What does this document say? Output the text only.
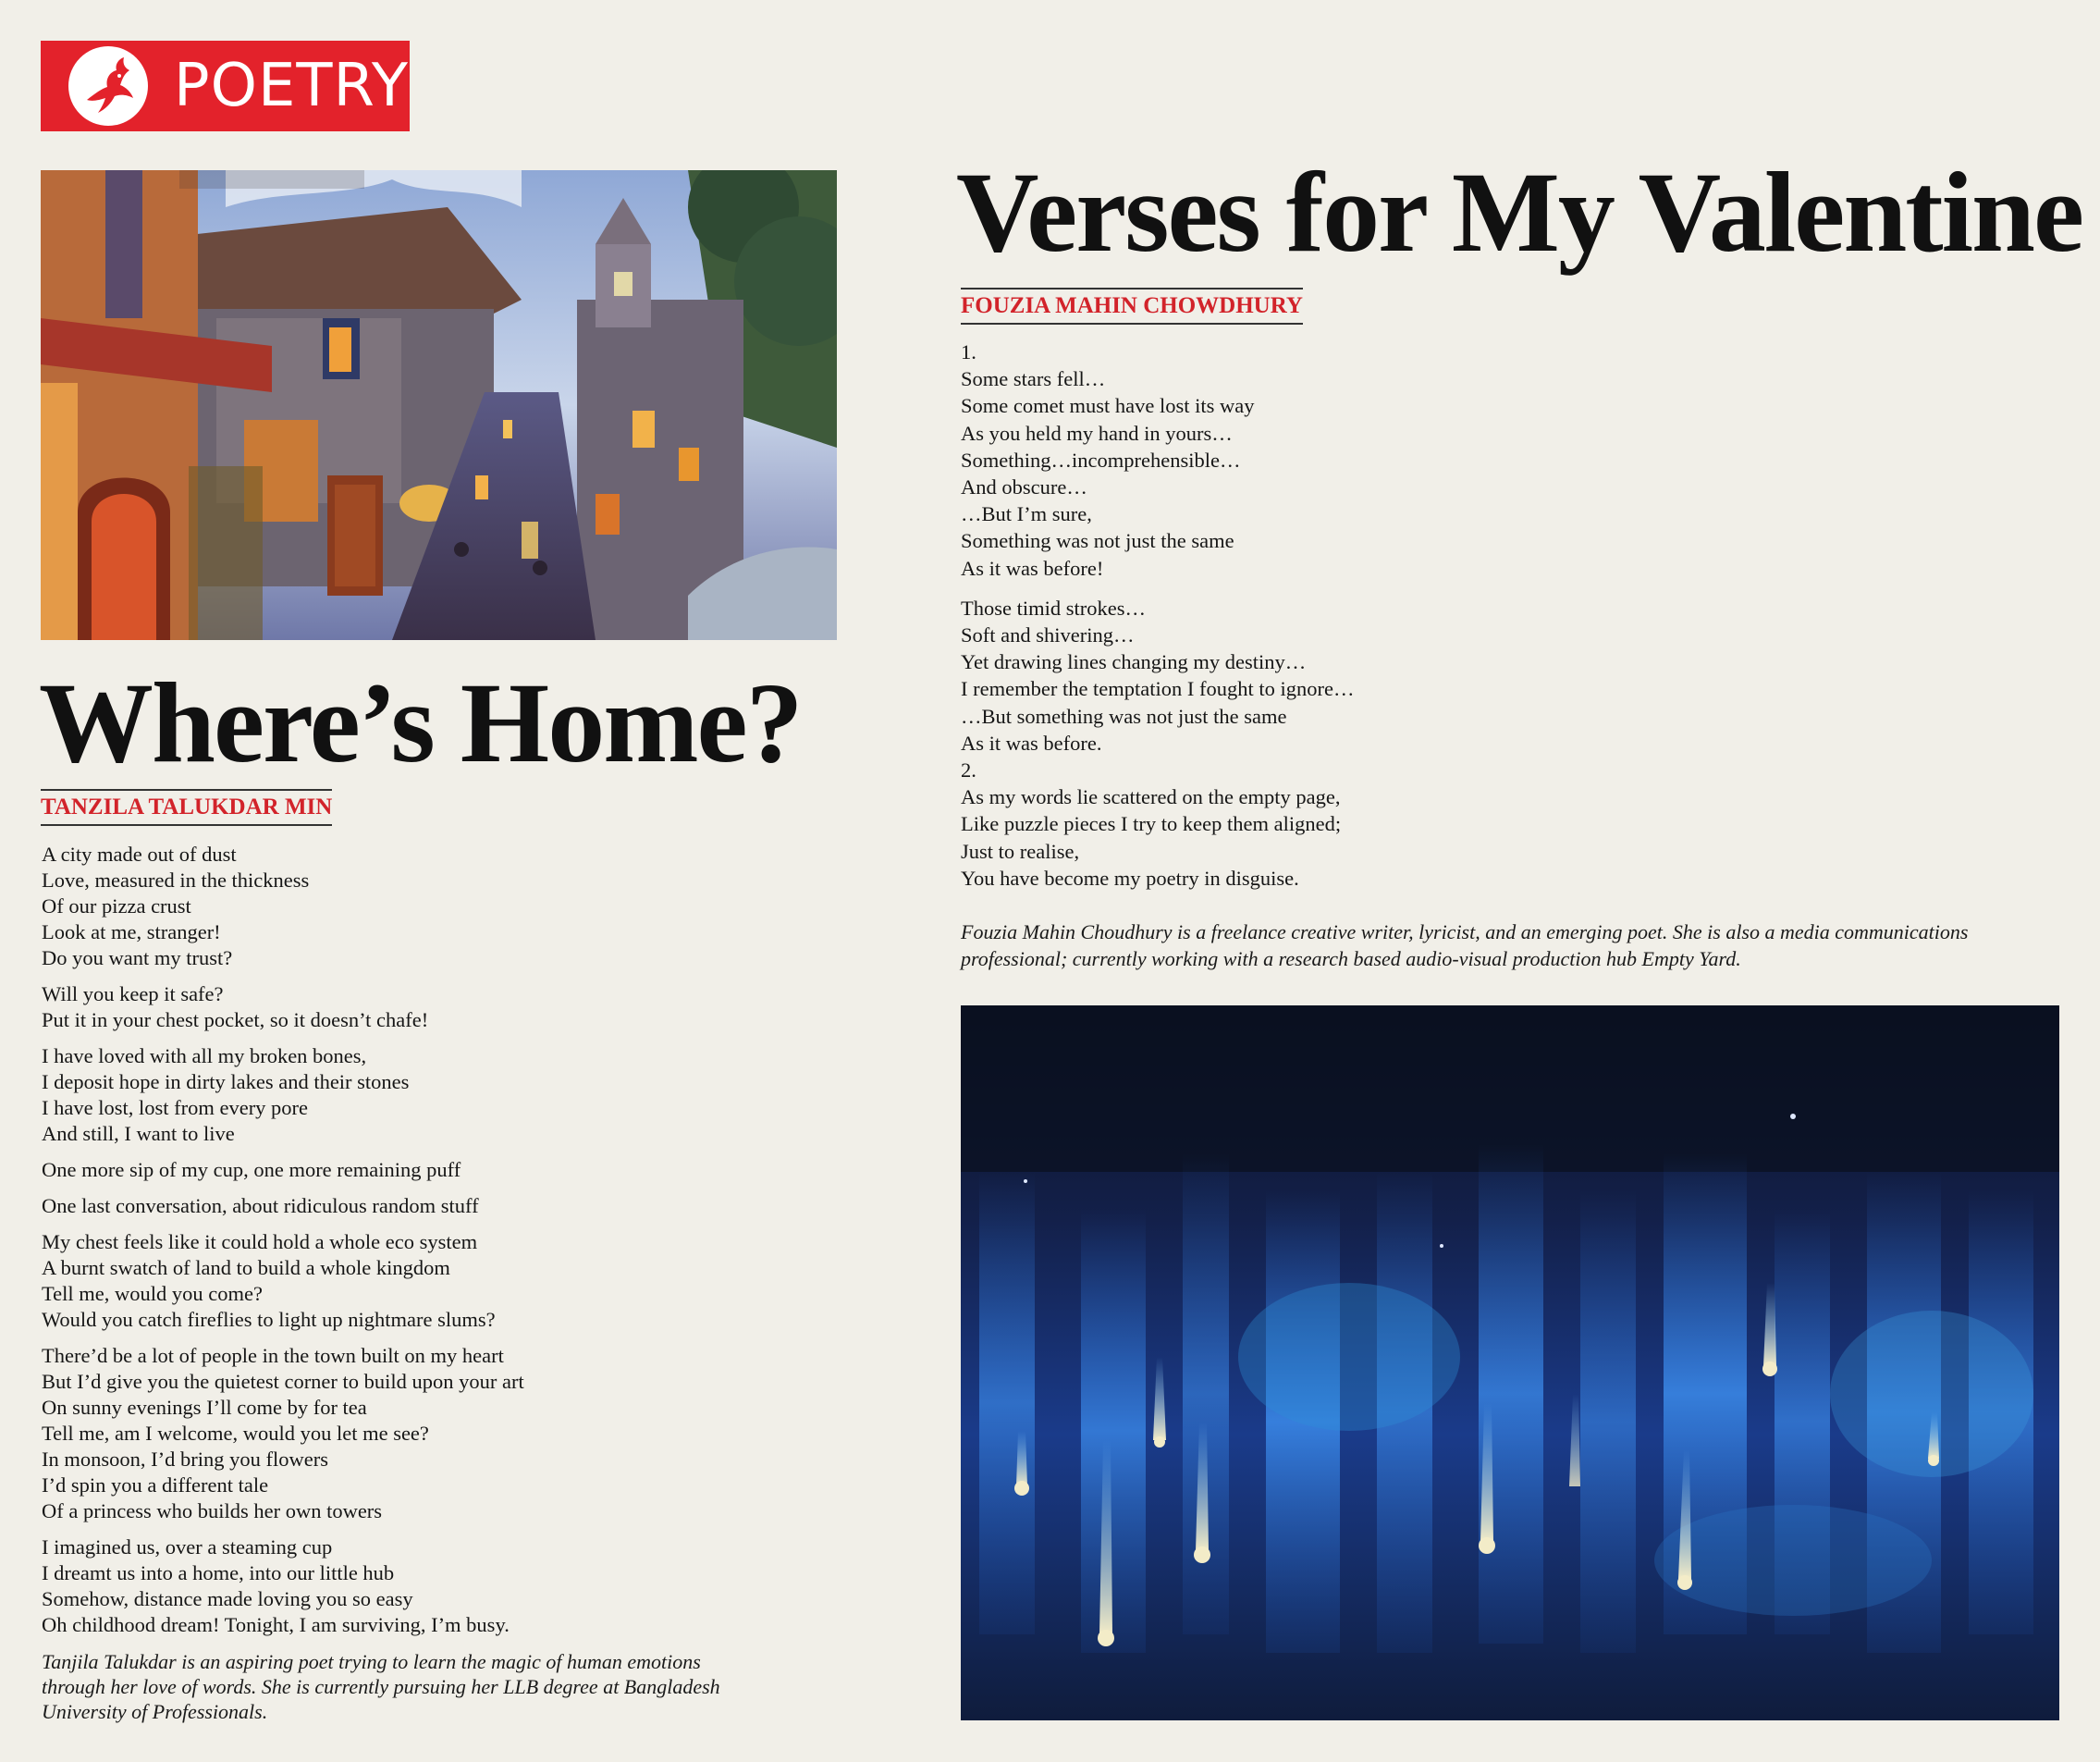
POETRY
Where’s Home?
TANZILA TALUKDAR MIN
A city made out of dust
Love, measured in the thickness
Of our pizza crust
Look at me, stranger!
Do you want my trust?
Will you keep it safe?
Put it in your chest pocket, so it doesn’t chafe!
I have loved with all my broken bones,
I deposit hope in dirty lakes and their stones
I have lost, lost from every pore
And still, I want to live
One more sip of my cup, one more remaining puff
One last conversation, about ridiculous random stuff
My chest feels like it could hold a whole eco system
A burnt swatch of land to build a whole kingdom
Tell me, would you come?
Would you catch fireflies to light up nightmare slums?
There’d be a lot of people in the town built on my heart
But I’d give you the quietest corner to build upon your art
On sunny evenings I’ll come by for tea
Tell me, am I welcome, would you let me see?
In monsoon, I’d bring you flowers
I’d spin you a different tale
Of a princess who builds her own towers
I imagined us, over a steaming cup
I dreamt us into a home, into our little hub
Somehow, distance made loving you so easy
Oh childhood dream! Tonight, I am surviving, I’m busy.
Tanjila Talukdar is an aspiring poet trying to learn the magic of human emotions
through her love of words. She is currently pursuing her LLB degree at Bangladesh
University of Professionals.
Verses for My Valentine
FOUZIA MAHIN CHOWDHURY
1.
Some stars fell…
Some comet must have lost its way
As you held my hand in yours…
Something…incomprehensible…
And obscure…
…But I’m sure,
Something was not just the same
As it was before!
Those timid strokes…
Soft and shivering…
Yet drawing lines changing my destiny…
I remember the temptation I fought to ignore…
…But something was not just the same
As it was before.
2.
As my words lie scattered on the empty page,
Like puzzle pieces I try to keep them aligned;
Just to realise,
You have become my poetry in disguise.
Fouzia Mahin Choudhury is a freelance creative writer, lyricist, and an emerging poet. She is also a media communications
professional; currently working with a research based audio-visual production hub Empty Yard.
